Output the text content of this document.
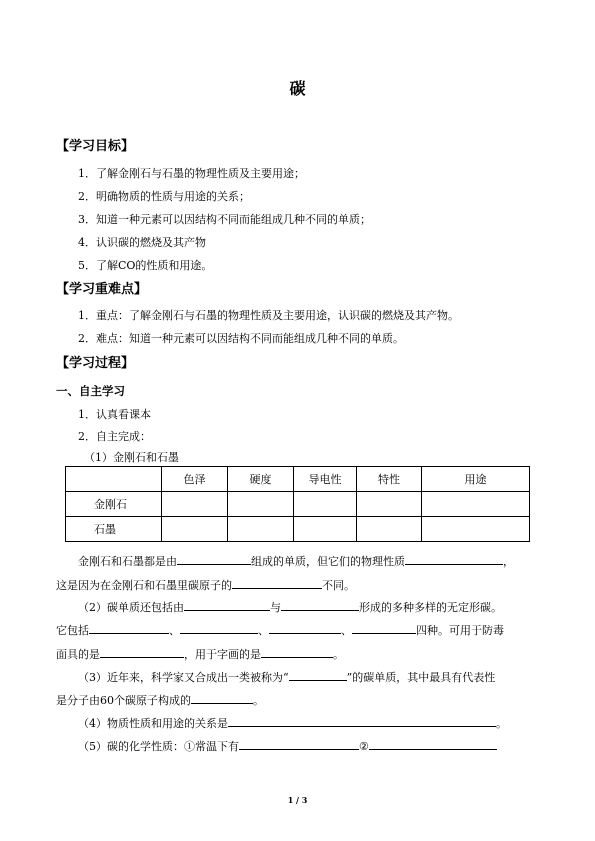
碳
【学习目标】
1．了解金刚石与石墨的物理性质及主要用途；
2．明确物质的性质与用途的关系；
3．知道一种元素可以因结构不同而能组成几种不同的单质；
4．认识碳的燃烧及其产物
5．了解CO的性质和用途。
【学习重难点】
1．重点：了解金刚石与石墨的物理性质及主要用途，认识碳的燃烧及其产物。
2．难点：知道一种元素可以因结构不同而能组成几种不同的单质。
【学习过程】
一、自主学习
1．认真看课本
2．自主完成：
（1）金刚石和石墨
	色泽	硬度	导电性	特性	用途
金刚石					
石墨					
金刚石和石墨都是由	组成的单质，但它们的物理性质	，
这是因为在金刚石和石墨里碳原子的	不同。
（2）碳单质还包括由	与	形成的多种多样的无定形碳。
它包括	、	、	、	四种。可用于防毒
面具的是	，用于字画的是	。
（3）近年来，科学家又合成出一类被称为“	”的碳单质，其中最具有代表性
是分子由60个碳原子构成的	。
（4）物质性质和用途的关系是	。
（5）碳的化学性质：①常温下有	②
1 / 3
